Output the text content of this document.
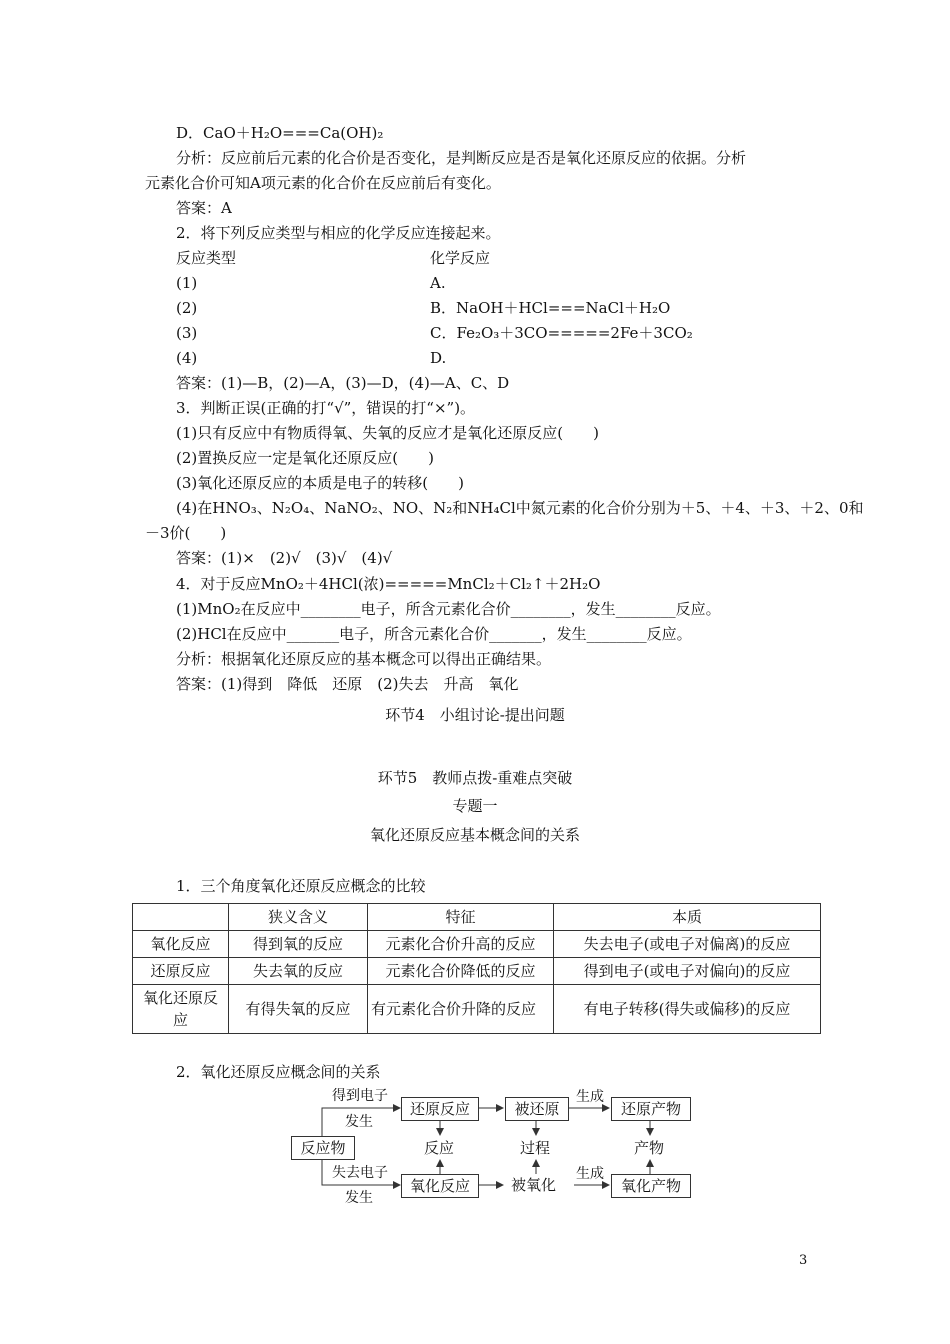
D．CaO＋H₂O===Ca(OH)₂
分析：反应前后元素的化合价是否变化，是判断反应是否是氧化还原反应的依据。分析
元素化合价可知A项元素的化合价在反应前后有变化。
答案：A
2．将下列反应类型与相应的化学反应连接起来。
反应类型	化学反应
(1)	A.
(2)	B．NaOH＋HCl===NaCl＋H₂O
(3)	C．Fe₂O₃＋3CO=====2Fe＋3CO₂
(4)	D.
答案：(1)—B，(2)—A，(3)—D，(4)—A、C、D
3．判断正误(正确的打“√”，错误的打“×”)。
(1)只有反应中有物质得氧、失氧的反应才是氧化还原反应(　　)
(2)置换反应一定是氧化还原反应(　　)
(3)氧化还原反应的本质是电子的转移(　　)
(4)在HNO₃、N₂O₄、NaNO₂、NO、N₂和NH₄Cl中氮元素的化合价分别为＋5、＋4、＋3、＋2、0和
－3价(　　)
答案：(1)×　(2)√　(3)√　(4)√
4．对于反应MnO₂＋4HCl(浓)=====MnCl₂＋Cl₂↑＋2H₂O
(1)MnO₂在反应中________电子，所含元素化合价________，发生________反应。
(2)HCl在反应中_______电子，所含元素化合价_______，发生________反应。
分析：根据氧化还原反应的基本概念可以得出正确结果。
答案：(1)得到　降低　还原　(2)失去　升高　氧化
环节4　小组讨论-提出问题
环节5　教师点拨-重难点突破
专题一
氧化还原反应基本概念间的关系
1．三个角度氧化还原反应概念的比较
	狭义含义	特征	本质
氧化反应	得到氧的反应	元素化合价升高的反应	失去电子(或电子对偏离)的反应
还原反应	失去氧的反应	元素化合价降低的反应	得到电子(或电子对偏向)的反应
氧化还原反应	有得失氧的反应	有元素化合价升降的反应	有电子转移(得失或偏移)的反应
2．氧化还原反应概念间的关系
反应物
得到电子
发生
失去电子
发生
还原反应	被还原
生成
还原产物
反应	过程	产物
氧化反应	被氧化
生成
氧化产物
3
